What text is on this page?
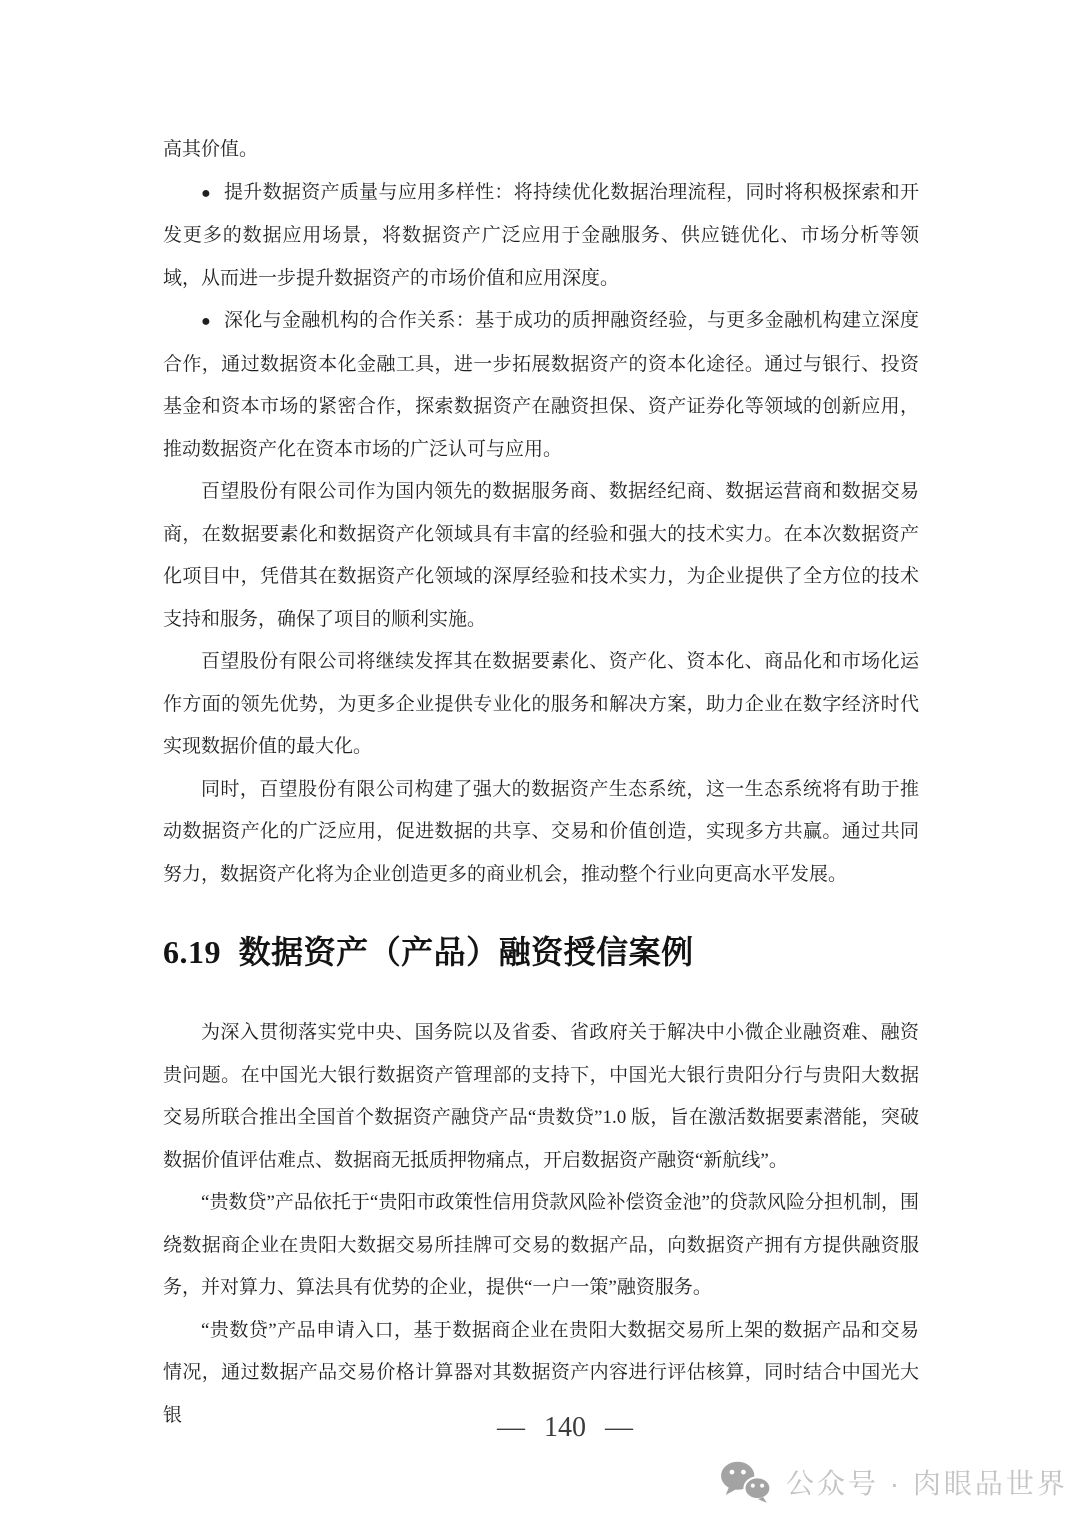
高其价值。

● 提升数据资产质量与应用多样性：将持续优化数据治理流程，同时将积极探索和开发更多的数据应用场景，将数据资产广泛应用于金融服务、供应链优化、市场分析等领域，从而进一步提升数据资产的市场价值和应用深度。

● 深化与金融机构的合作关系：基于成功的质押融资经验，与更多金融机构建立深度合作，通过数据资本化金融工具，进一步拓展数据资产的资本化途径。通过与银行、投资基金和资本市场的紧密合作，探索数据资产在融资担保、资产证券化等领域的创新应用，推动数据资产化在资本市场的广泛认可与应用。

百望股份有限公司作为国内领先的数据服务商、数据经纪商、数据运营商和数据交易商，在数据要素化和数据资产化领域具有丰富的经验和强大的技术实力。在本次数据资产化项目中，凭借其在数据资产化领域的深厚经验和技术实力，为企业提供了全方位的技术支持和服务，确保了项目的顺利实施。

百望股份有限公司将继续发挥其在数据要素化、资产化、资本化、商品化和市场化运作方面的领先优势，为更多企业提供专业化的服务和解决方案，助力企业在数字经济时代实现数据价值的最大化。

同时，百望股份有限公司构建了强大的数据资产生态系统，这一生态系统将有助于推动数据资产化的广泛应用，促进数据的共享、交易和价值创造，实现多方共赢。通过共同努力，数据资产化将为企业创造更多的商业机会，推动整个行业向更高水平发展。

6.19 数据资产（产品）融资授信案例

为深入贯彻落实党中央、国务院以及省委、省政府关于解决中小微企业融资难、融资贵问题。在中国光大银行数据资产管理部的支持下，中国光大银行贵阳分行与贵阳大数据交易所联合推出全国首个数据资产融贷产品“贵数贷”1.0 版，旨在激活数据要素潜能，突破数据价值评估难点、数据商无抵质押物痛点，开启数据资产融资“新航线”。

“贵数贷”产品依托于“贵阳市政策性信用贷款风险补偿资金池”的贷款风险分担机制，围绕数据商企业在贵阳大数据交易所挂牌可交易的数据产品，向数据资产拥有方提供融资服务，并对算力、算法具有优势的企业，提供“一户一策”融资服务。

“贵数贷”产品申请入口，基于数据商企业在贵阳大数据交易所上架的数据产品和交易情况，通过数据产品交易价格计算器对其数据资产内容进行评估核算，同时结合中国光大银	— 140 —
公众号 · 肉眼品世界
